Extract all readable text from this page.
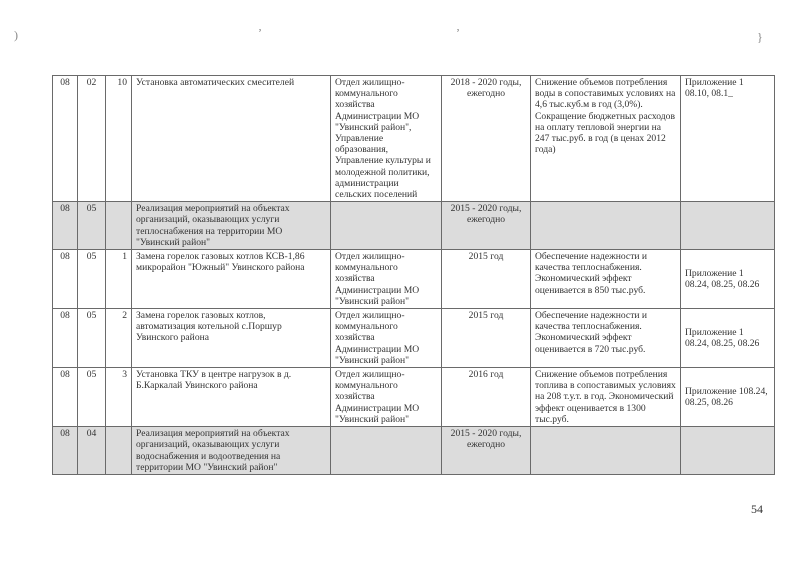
)	ʼ	ʼ	}
08	02	10	Установка автоматических смесителей	Отдел жилищно-коммунального хозяйства Администрации МО "Увинский район", Управление образования, Управление культуры и молодежной политики, администрации сельских поселений	2018 - 2020 годы, ежегодно	Снижение объемов потребления воды в сопоставимых условиях на 4,6 тыс.куб.м в год (3,0%). Сокращение бюджетных расходов на оплату тепловой энергии на 247 тыс.руб. в год (в ценах 2012 года)	Приложение 1 08.10, 08.1_
08	05		Реализация мероприятий на объектах организаций, оказывающих услуги теплоснабжения на территории МО "Увинский район"		2015 - 2020 годы, ежегодно		
08	05	1	Замена горелок газовых котлов КСВ-1,86 микрорайон "Южный" Увинского района	Отдел жилищно-коммунального хозяйства Администрации МО "Увинский район"	2015 год	Обеспечение надежности и качества теплоснабжения. Экономический эффект оценивается в 850 тыс.руб.	Приложение 1 08.24, 08.25, 08.26
08	05	2	Замена горелок газовых котлов, автоматизация котельной с.Поршур Увинского района	Отдел жилищно-коммунального хозяйства Администрации МО "Увинский район"	2015 год	Обеспечение надежности и качества теплоснабжения. Экономический эффект оценивается в 720 тыс.руб.	Приложение 1 08.24, 08.25, 08.26
08	05	3	Установка ТКУ в центре нагрузок в д. Б.Каркалай Увинского района	Отдел жилищно-коммунального хозяйства Администрации МО "Увинский район"	2016 год	Снижение объемов потребления топлива в сопоставимых условиях на 208 т.у.т. в год. Экономический эффект оценивается в 1300 тыс.руб.	Приложение 108.24, 08.25, 08.26
08	04		Реализация мероприятий на объектах организаций, оказывающих услуги водоснабжения и водоотведения на территории МО "Увинский район"		2015 - 2020 годы, ежегодно		
54
